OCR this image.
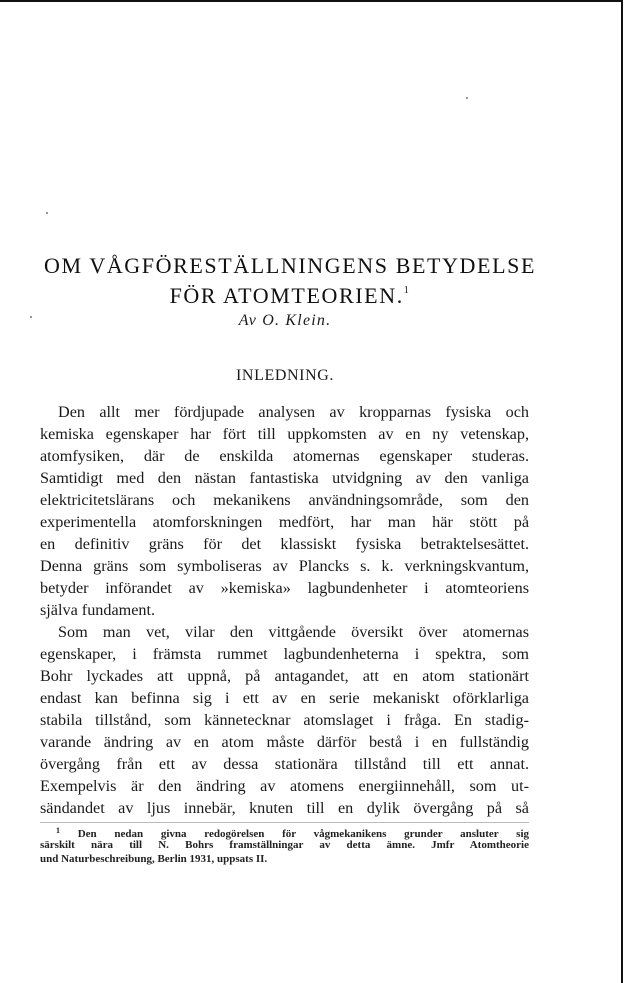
OM VÅGFÖRESTÄLLNINGENS BETYDELSE
FÖR ATOMTEORIEN.$^1$
Av O. Klein.
INLEDNING.
Den allt mer fördjupade analysen av kropparnas fysiska och
kemiska egenskaper har fört till uppkomsten av en ny vetenskap,
atomfysiken, där de enskilda atomernas egenskaper studeras.
Samtidigt med den nästan fantastiska utvidgning av den vanliga
elektricitetslärans och mekanikens användningsområde, som den
experimentella atomforskningen medfört, har man här stött på
en definitiv gräns för det klassiskt fysiska betraktelsesättet.
Denna gräns som symboliseras av Plancks s. k. verkningskvantum,
betyder införandet av »kemiska» lagbundenheter i atomteoriens
själva fundament.
Som man vet, vilar den vittgående översikt över atomernas
egenskaper, i främsta rummet lagbundenheterna i spektra, som
Bohr lyckades att uppnå, på antagandet, att en atom stationärt
endast kan befinna sig i ett av en serie mekaniskt oförklarliga
stabila tillstånd, som kännetecknar atomslaget i fråga. En stadig-
varande ändring av en atom måste därför bestå i en fullständig
övergång från ett av dessa stationära tillstånd till ett annat.
Exempelvis är den ändring av atomens energiinnehåll, som ut-
sändandet av ljus innebär, knuten till en dylik övergång på så
$^1$ Den nedan givna redogörelsen för vågmekanikens grunder ansluter sig
särskilt nära till N. Bohrs framställningar av detta ämne. Jmfr Atomtheorie
und Naturbeschreibung, Berlin 1931, uppsats II.
